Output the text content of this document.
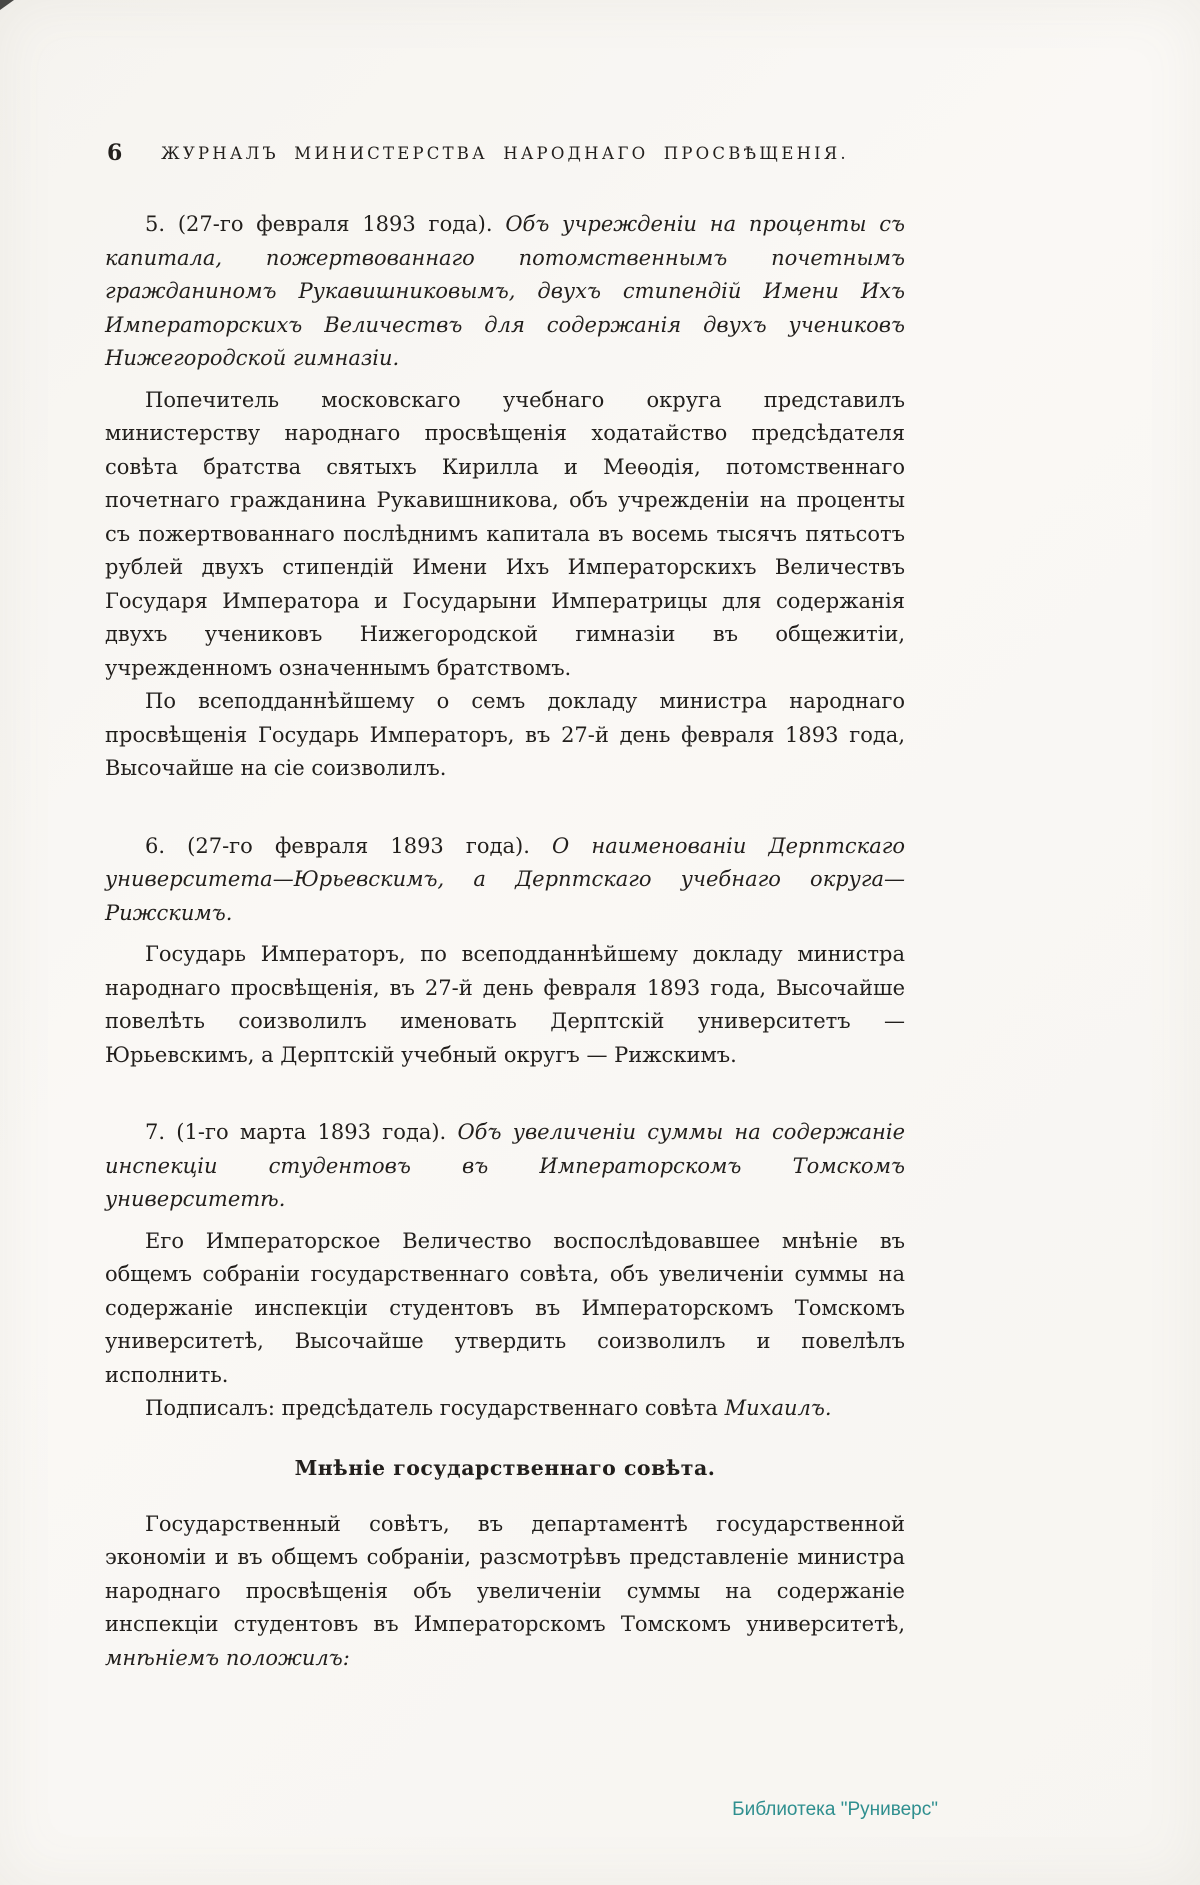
6	ЖУРНАЛЪ МИНИСТЕРСТВА НАРОДНАГО ПРОСВѢЩЕНІЯ.

5. (27-го февраля 1893 года). Объ учрежденіи на проценты съ капитала, пожертвованнаго потомственнымъ почетнымъ гражданиномъ Рукавишниковымъ, двухъ стипендій Имени Ихъ Императорскихъ Величествъ для содержанія двухъ учениковъ Нижегородской гимназіи.

Попечитель московскаго учебнаго округа представилъ министерству народнаго просвѣщенія ходатайство предсѣдателя совѣта братства святыхъ Кирилла и Меѳодія, потомственнаго почетнаго гражданина Рукавишникова, объ учрежденіи на проценты съ пожертвованнаго послѣднимъ капитала въ восемь тысячъ пятьсотъ рублей двухъ стипендій Имени Ихъ Императорскихъ Величествъ Государя Императора и Государыни Императрицы для содержанія двухъ учениковъ Нижегородской гимназіи въ общежитіи, учрежденномъ означеннымъ братствомъ.

По всеподданнѣйшему о семъ докладу министра народнаго просвѣщенія Государь Императоръ, въ 27-й день февраля 1893 года, Высочайше на сіе соизволилъ.

6. (27-го февраля 1893 года). О наименованіи Дерптскаго университета—Юрьевскимъ, а Дерптскаго учебнаго округа—Рижскимъ.

Государь Императоръ, по всеподданнѣйшему докладу министра народнаго просвѣщенія, въ 27-й день февраля 1893 года, Высочайше повелѣть соизволилъ именовать Дерптскій университетъ — Юрьевскимъ, а Дерптскій учебный округъ — Рижскимъ.

7. (1-го марта 1893 года). Объ увеличеніи суммы на содержаніе инспекціи студентовъ въ Императорскомъ Томскомъ университетѣ.

Его Императорское Величество воспослѣдовавшее мнѣніе въ общемъ собраніи государственнаго совѣта, объ увеличеніи суммы на содержаніе инспекціи студентовъ въ Императорскомъ Томскомъ университетѣ, Высочайше утвердить соизволилъ и повелѣлъ исполнить.

Подписалъ: предсѣдатель государственнаго совѣта Михаилъ.

Мнѣніе государственнаго совѣта.

Государственный совѣтъ, въ департаментѣ государственной экономіи и въ общемъ собраніи, разсмотрѣвъ представленіе министра народнаго просвѣщенія объ увеличеніи суммы на содержаніе инспекціи студентовъ въ Императорскомъ Томскомъ университетѣ, мнѣніемъ положилъ:

Библиотека "Руниверс"
